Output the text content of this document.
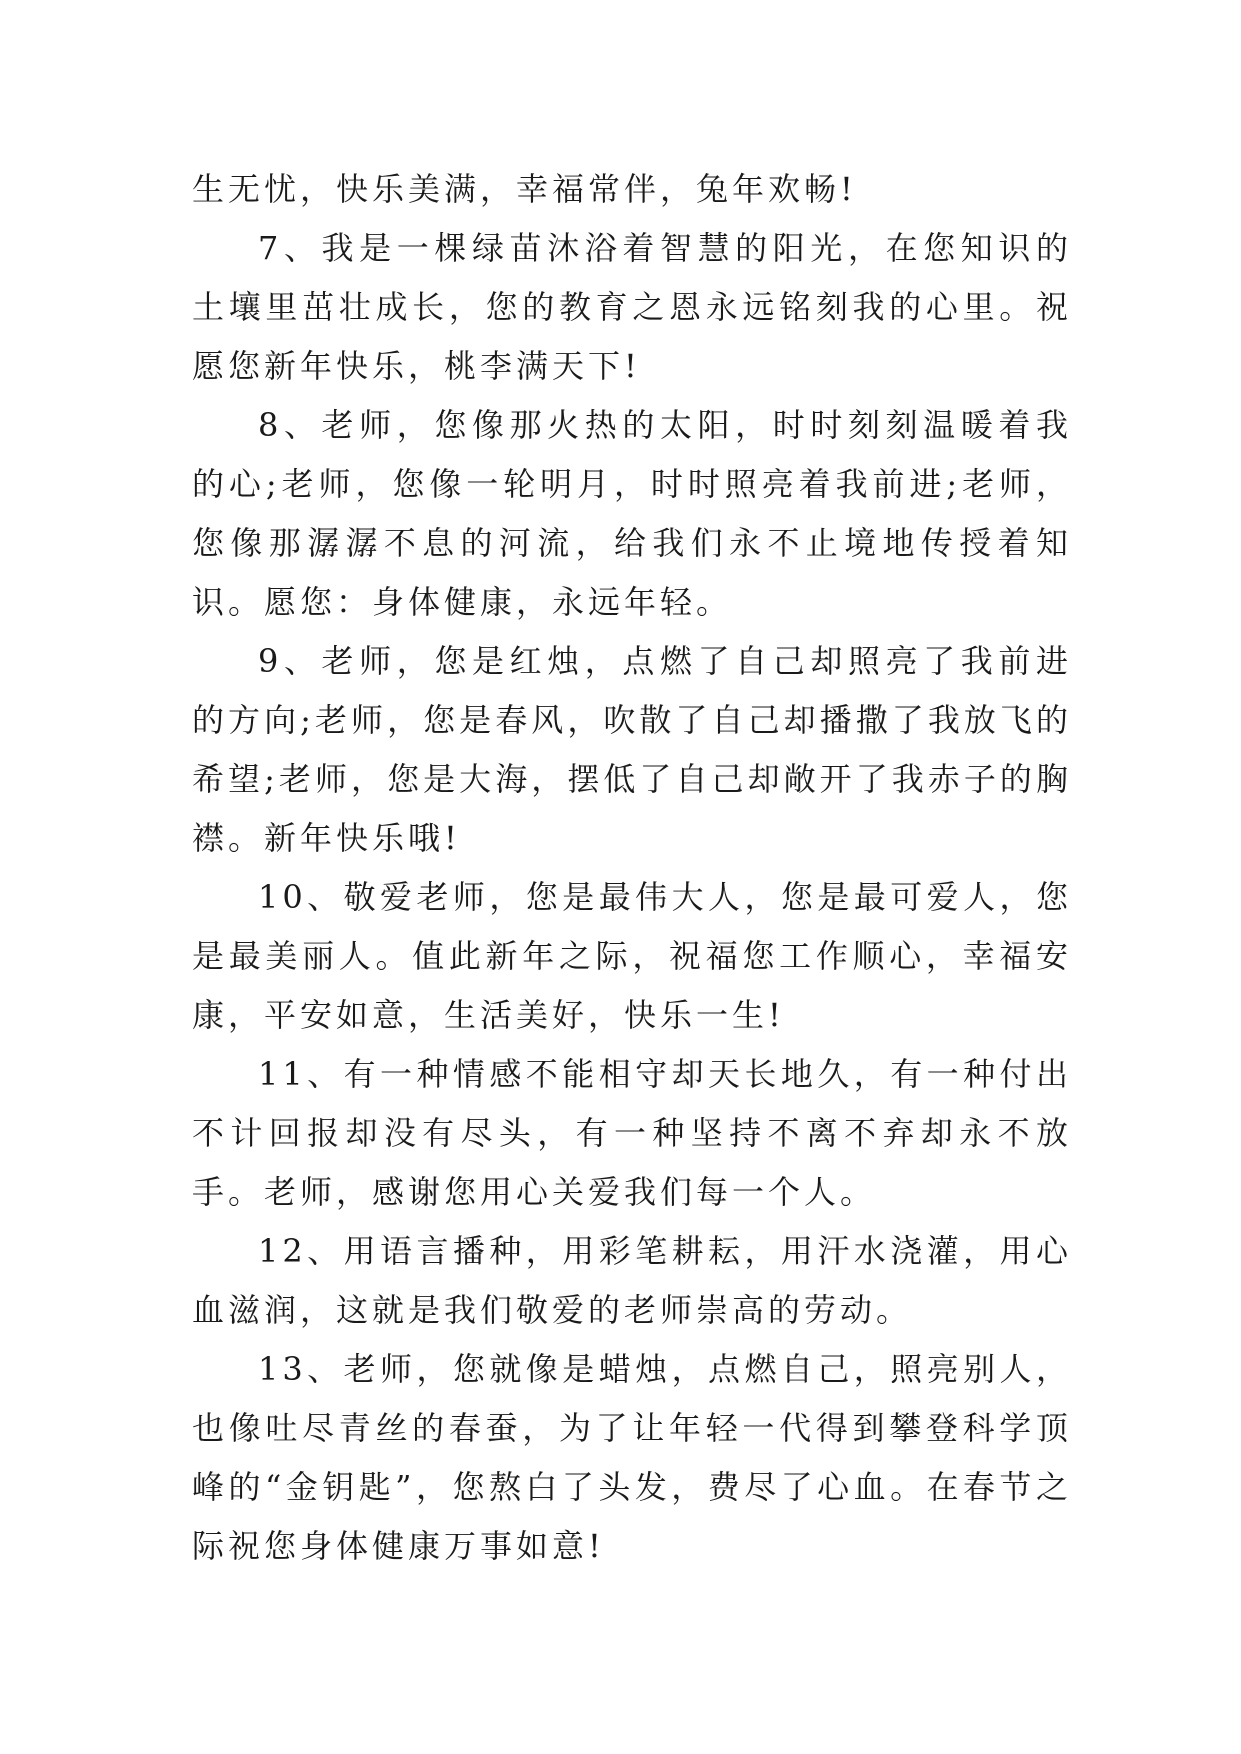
生无忧，快乐美满，幸福常伴，兔年欢畅!

7、我是一棵绿苗沐浴着智慧的阳光，在您知识的土壤里茁壮成长，您的教育之恩永远铭刻我的心里。祝愿您新年快乐，桃李满天下!

8、老师，您像那火热的太阳，时时刻刻温暖着我的心;老师，您像一轮明月，时时照亮着我前进;老师，您像那潺潺不息的河流，给我们永不止境地传授着知识。愿您：身体健康，永远年轻。

9、老师，您是红烛，点燃了自己却照亮了我前进的方向;老师，您是春风，吹散了自己却播撒了我放飞的希望;老师，您是大海，摆低了自己却敞开了我赤子的胸襟。新年快乐哦!

10、敬爱老师，您是最伟大人，您是最可爱人，您是最美丽人。值此新年之际，祝福您工作顺心，幸福安康，平安如意，生活美好，快乐一生!

11、有一种情感不能相守却天长地久，有一种付出不计回报却没有尽头，有一种坚持不离不弃却永不放手。老师，感谢您用心关爱我们每一个人。

12、用语言播种，用彩笔耕耘，用汗水浇灌，用心血滋润，这就是我们敬爱的老师崇高的劳动。

13、老师，您就像是蜡烛，点燃自己，照亮别人，也像吐尽青丝的春蚕，为了让年轻一代得到攀登科学顶峰的“金钥匙”，您熬白了头发，费尽了心血。在春节之际祝您身体健康万事如意!
